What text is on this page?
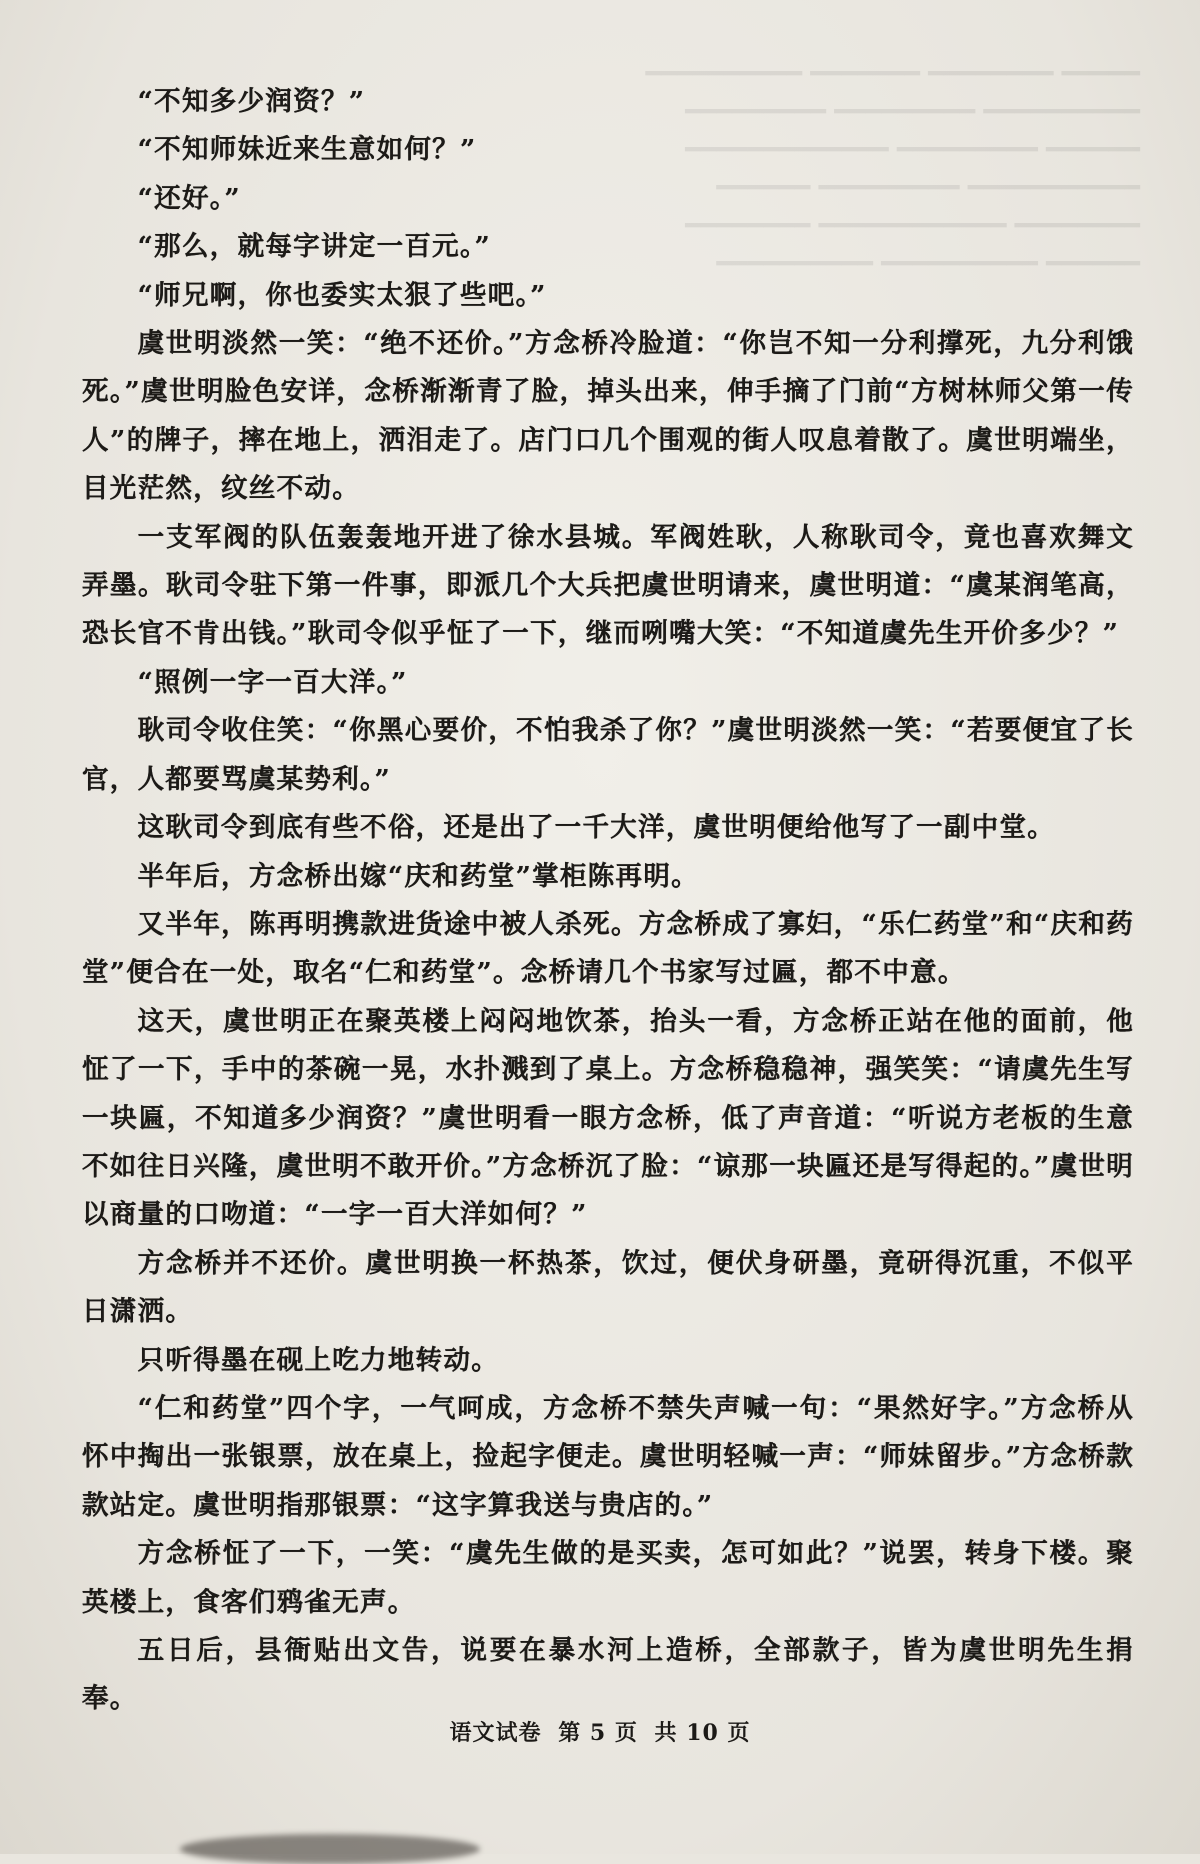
━━━━━ ━━━━━━━━ ━━━━━━━ ━━━━━━━━━━
━━━━━━━━━━ ━━━━━━━━━ ━━━━━━━━━
━━━━━━ ━━━━━━━━━ ━━━━━━━━━━━━━
━━━━━━━━━━━ ━━━━━━━━━ ━━━━━━
━━━━━━━━ ━━━━━━━━━━━━ ━━━━━━━━
━━━━━━ ━━━━━━━━━━ ━━━━━━━━━━

“不知多少润资？”

“不知师妹近来生意如何？”

“还好。”

“那么，就每字讲定一百元。”

“师兄啊，你也委实太狠了些吧。”

虞世明淡然一笑：“绝不还价。”方念桥冷脸道：“你岂不知一分利撑死，九分利饿死。”虞世明脸色安详，念桥渐渐青了脸，掉头出来，伸手摘了门前“方树林师父第一传人”的牌子，摔在地上，洒泪走了。店门口几个围观的街人叹息着散了。虞世明端坐，目光茫然，纹丝不动。

一支军阀的队伍轰轰地开进了徐水县城。军阀姓耿，人称耿司令，竟也喜欢舞文弄墨。耿司令驻下第一件事，即派几个大兵把虞世明请来，虞世明道：“虞某润笔高，恐长官不肯出钱。”耿司令似乎怔了一下，继而咧嘴大笑：“不知道虞先生开价多少？”

“照例一字一百大洋。”

耿司令收住笑：“你黑心要价，不怕我杀了你？”虞世明淡然一笑：“若要便宜了长官，人都要骂虞某势利。”

这耿司令到底有些不俗，还是出了一千大洋，虞世明便给他写了一副中堂。

半年后，方念桥出嫁“庆和药堂”掌柜陈再明。

又半年，陈再明携款进货途中被人杀死。方念桥成了寡妇，“乐仁药堂”和“庆和药堂”便合在一处，取名“仁和药堂”。念桥请几个书家写过匾，都不中意。

这天，虞世明正在聚英楼上闷闷地饮茶，抬头一看，方念桥正站在他的面前，他怔了一下，手中的茶碗一晃，水扑溅到了桌上。方念桥稳稳神，强笑笑：“请虞先生写一块匾，不知道多少润资？”虞世明看一眼方念桥，低了声音道：“听说方老板的生意不如往日兴隆，虞世明不敢开价。”方念桥沉了脸：“谅那一块匾还是写得起的。”虞世明以商量的口吻道：“一字一百大洋如何？”

方念桥并不还价。虞世明换一杯热茶，饮过，便伏身研墨，竟研得沉重，不似平日潇洒。

只听得墨在砚上吃力地转动。

“仁和药堂”四个字，一气呵成，方念桥不禁失声喊一句：“果然好字。”方念桥从怀中掏出一张银票，放在桌上，捡起字便走。虞世明轻喊一声：“师妹留步。”方念桥款款站定。虞世明指那银票：“这字算我送与贵店的。”

方念桥怔了一下，一笑：“虞先生做的是买卖，怎可如此？”说罢，转身下楼。聚英楼上，食客们鸦雀无声。

五日后，县衙贴出文告，说要在暴水河上造桥，全部款子，皆为虞世明先生捐奉。

语文试卷 第 5 页 共 10 页
